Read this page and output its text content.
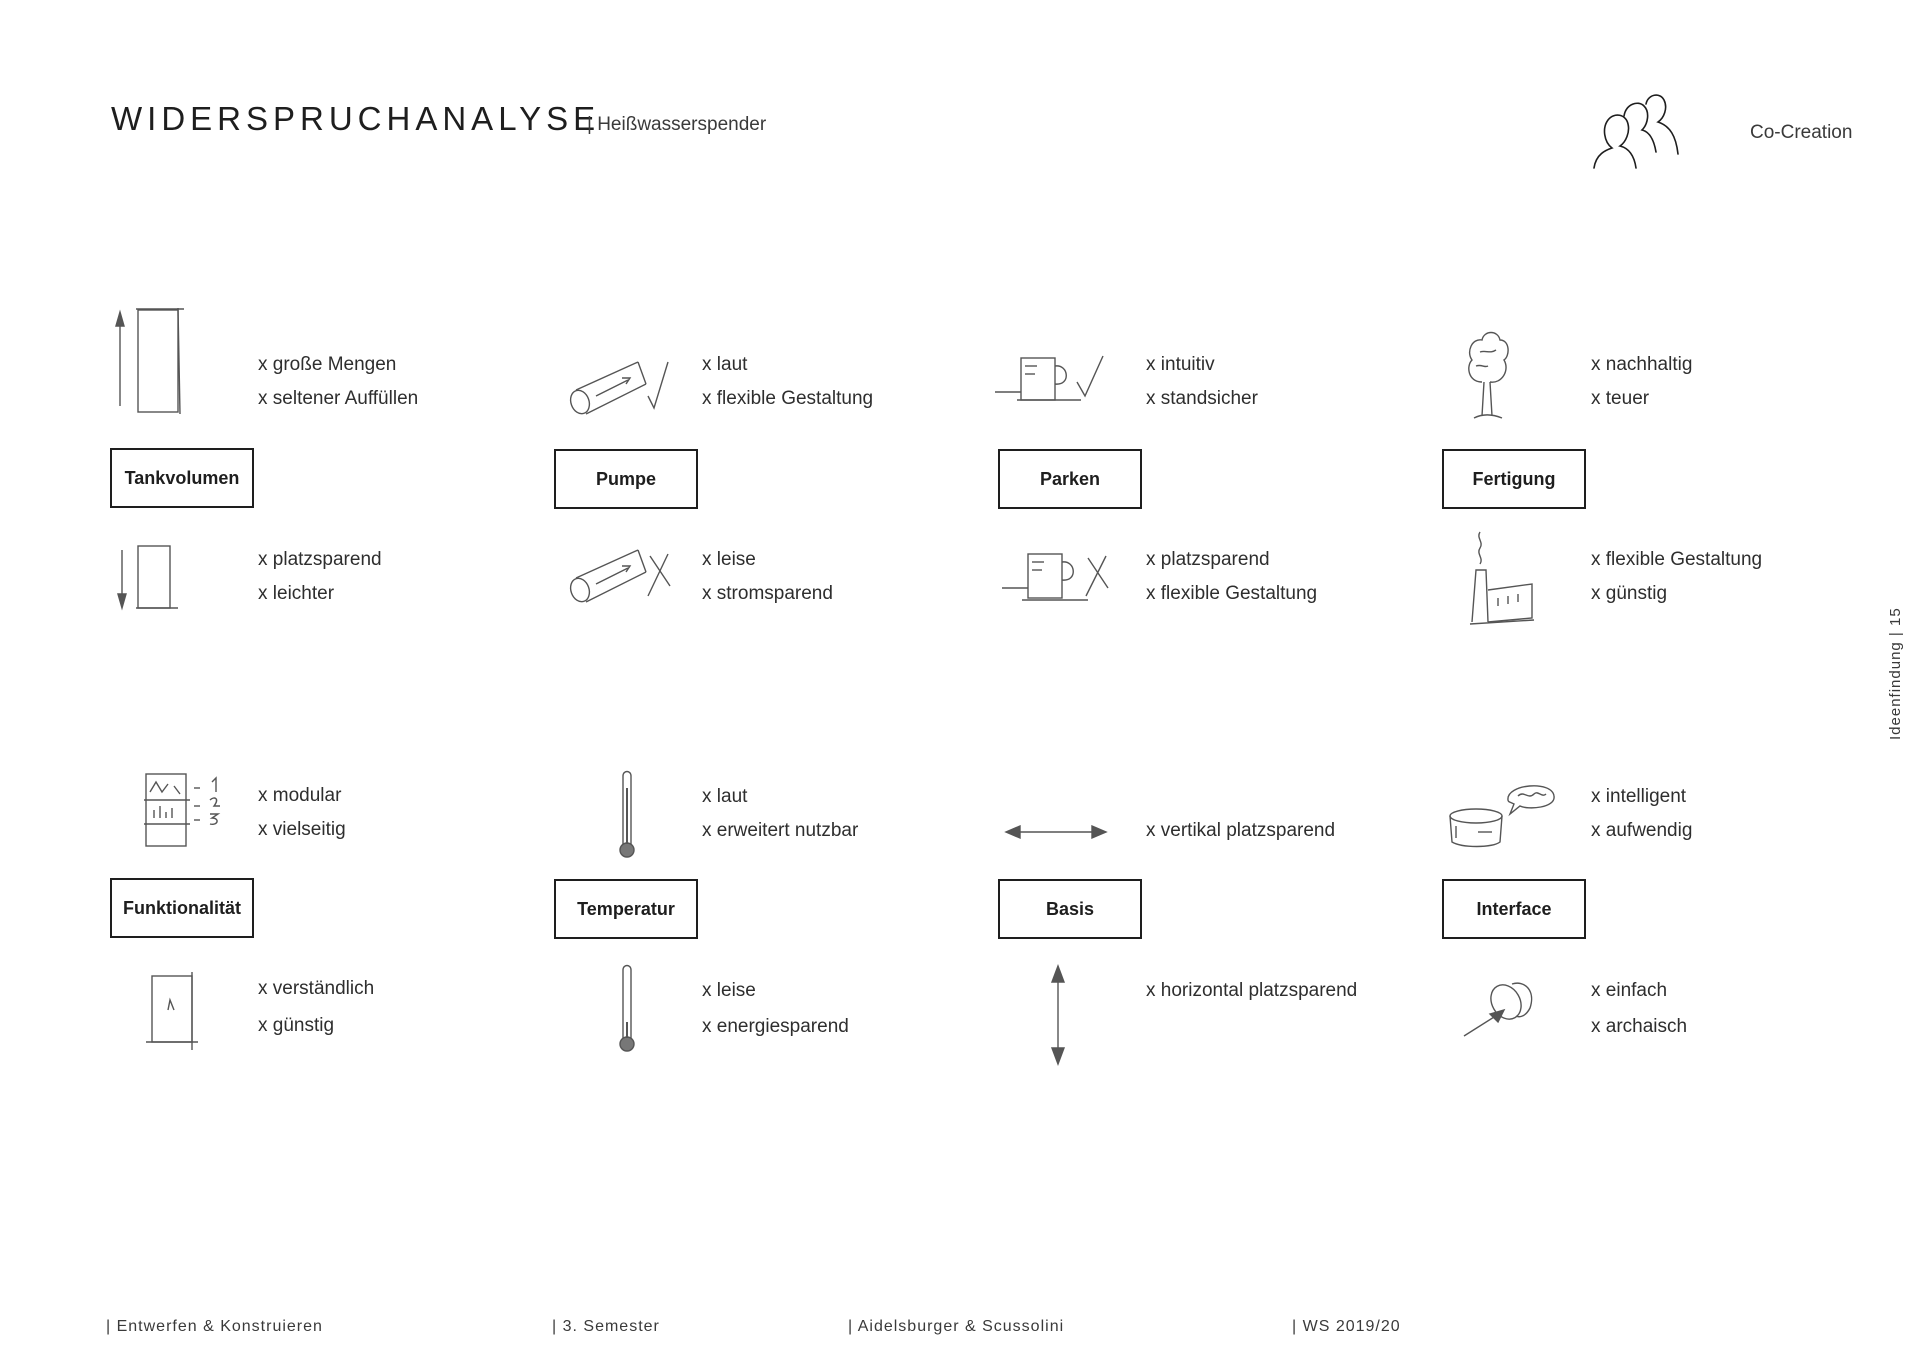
WIDERSPRUCHANALYSE
| Heißwasserspender	Co-Creation
Ideenfindung | 15
x große Mengen
x seltener Auffüllen
Tankvolumen
x platzsparend
x leichter
x laut
x flexible Gestaltung
Pumpe
x leise
x stromsparend
x intuitiv
x standsicher
Parken
x platzsparend
x flexible Gestaltung
x nachhaltig
x teuer
Fertigung
x flexible Gestaltung
x günstig
x modular
x vielseitig
Funktionalität
x verständlich
x günstig
x laut
x erweitert nutzbar
Temperatur
x leise
x energiesparend
x vertikal platzsparend
Basis
x horizontal platzsparend
x intelligent
x aufwendig
Interface
x einfach
x archaisch
| Entwerfen & Konstruieren	| 3. Semester	| Aidelsburger & Scussolini	| WS 2019/20
